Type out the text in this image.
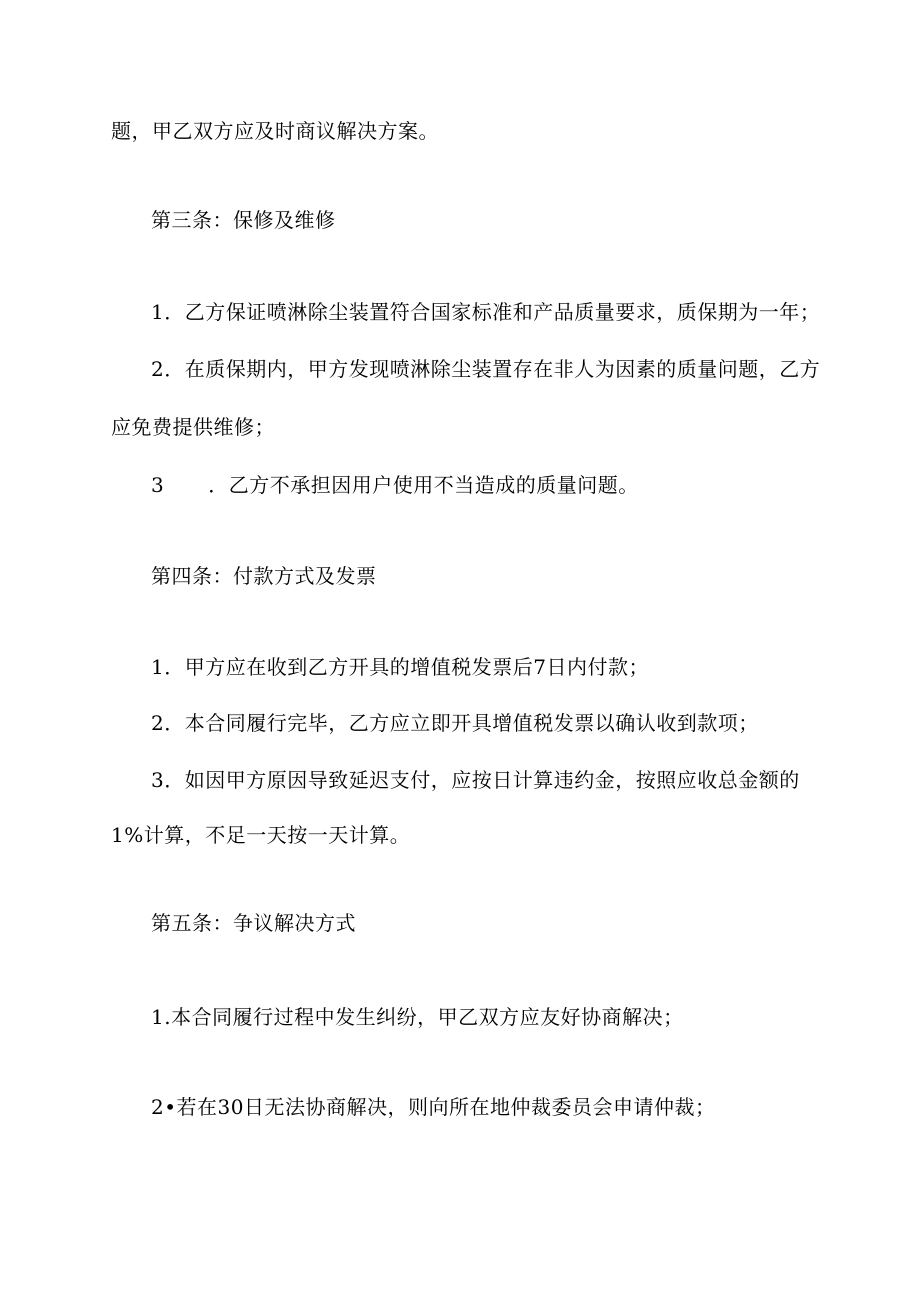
题，甲乙双方应及时商议解决方案。
第三条：保修及维修
1．乙方保证喷淋除尘装置符合国家标准和产品质量要求，质保期为一年；
2．在质保期内，甲方发现喷淋除尘装置存在非人为因素的质量问题，乙方
应免费提供维修；
3 ．乙方不承担因用户使用不当造成的质量问题。
第四条：付款方式及发票
1．甲方应在收到乙方开具的增值税发票后7日内付款；
2．本合同履行完毕，乙方应立即开具增值税发票以确认收到款项；
3．如因甲方原因导致延迟支付，应按日计算违约金，按照应收总金额的
1%计算，不足一天按一天计算。
第五条：争议解决方式
1.本合同履行过程中发生纠纷，甲乙双方应友好协商解决；
2•若在30日无法协商解决，则向所在地仲裁委员会申请仲裁；
